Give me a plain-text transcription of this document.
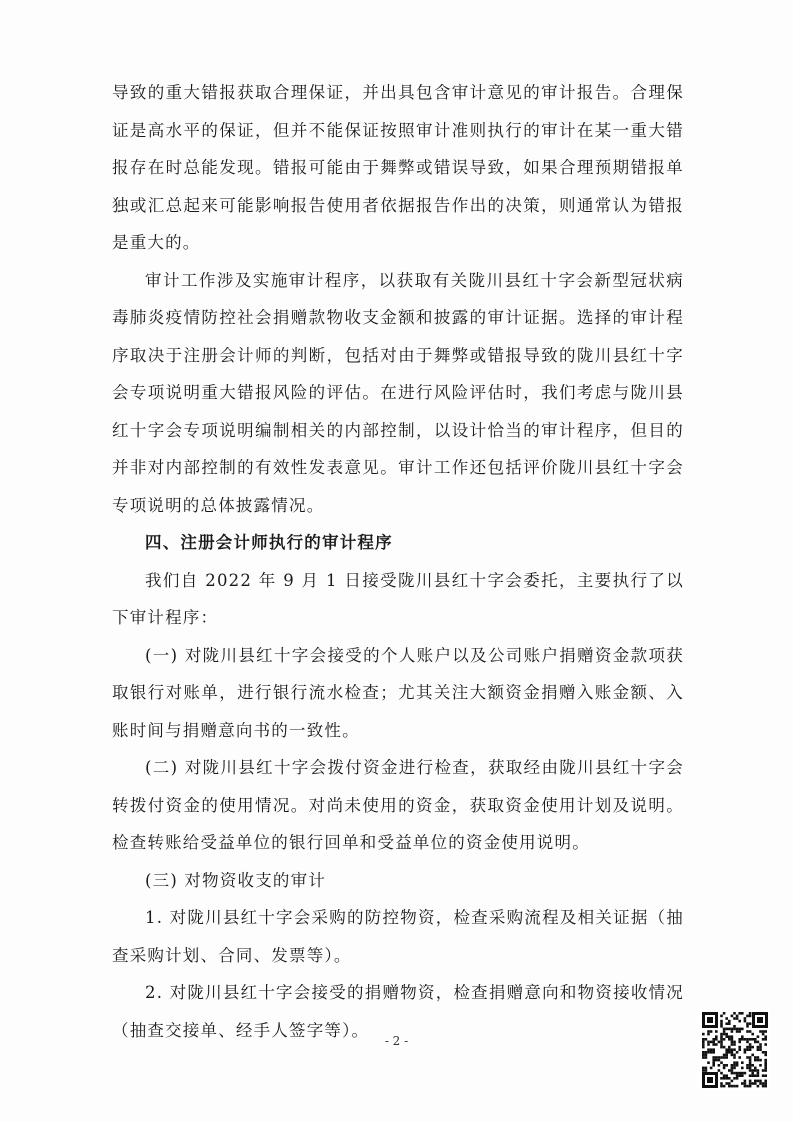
导致的重大错报获取合理保证，并出具包含审计意见的审计报告。合理保证是高水平的保证，但并不能保证按照审计准则执行的审计在某一重大错报存在时总能发现。错报可能由于舞弊或错误导致，如果合理预期错报单独或汇总起来可能影响报告使用者依据报告作出的决策，则通常认为错报是重大的。

审计工作涉及实施审计程序，以获取有关陇川县红十字会新型冠状病毒肺炎疫情防控社会捐赠款物收支金额和披露的审计证据。选择的审计程序取决于注册会计师的判断，包括对由于舞弊或错报导致的陇川县红十字会专项说明重大错报风险的评估。在进行风险评估时，我们考虑与陇川县红十字会专项说明编制相关的内部控制，以设计恰当的审计程序，但目的并非对内部控制的有效性发表意见。审计工作还包括评价陇川县红十字会专项说明的总体披露情况。

四、注册会计师执行的审计程序

我们自 2022 年 9 月 1 日接受陇川县红十字会委托，主要执行了以下审计程序：

(一) 对陇川县红十字会接受的个人账户以及公司账户捐赠资金款项获取银行对账单，进行银行流水检查；尤其关注大额资金捐赠入账金额、入账时间与捐赠意向书的一致性。

(二) 对陇川县红十字会拨付资金进行检查，获取经由陇川县红十字会转拨付资金的使用情况。对尚未使用的资金，获取资金使用计划及说明。检查转账给受益单位的银行回单和受益单位的资金使用说明。

(三) 对物资收支的审计

1. 对陇川县红十字会采购的防控物资，检查采购流程及相关证据（抽查采购计划、合同、发票等）。

2. 对陇川县红十字会接受的捐赠物资，检查捐赠意向和物资接收情况（抽查交接单、经手人签字等）。

- 2 -
